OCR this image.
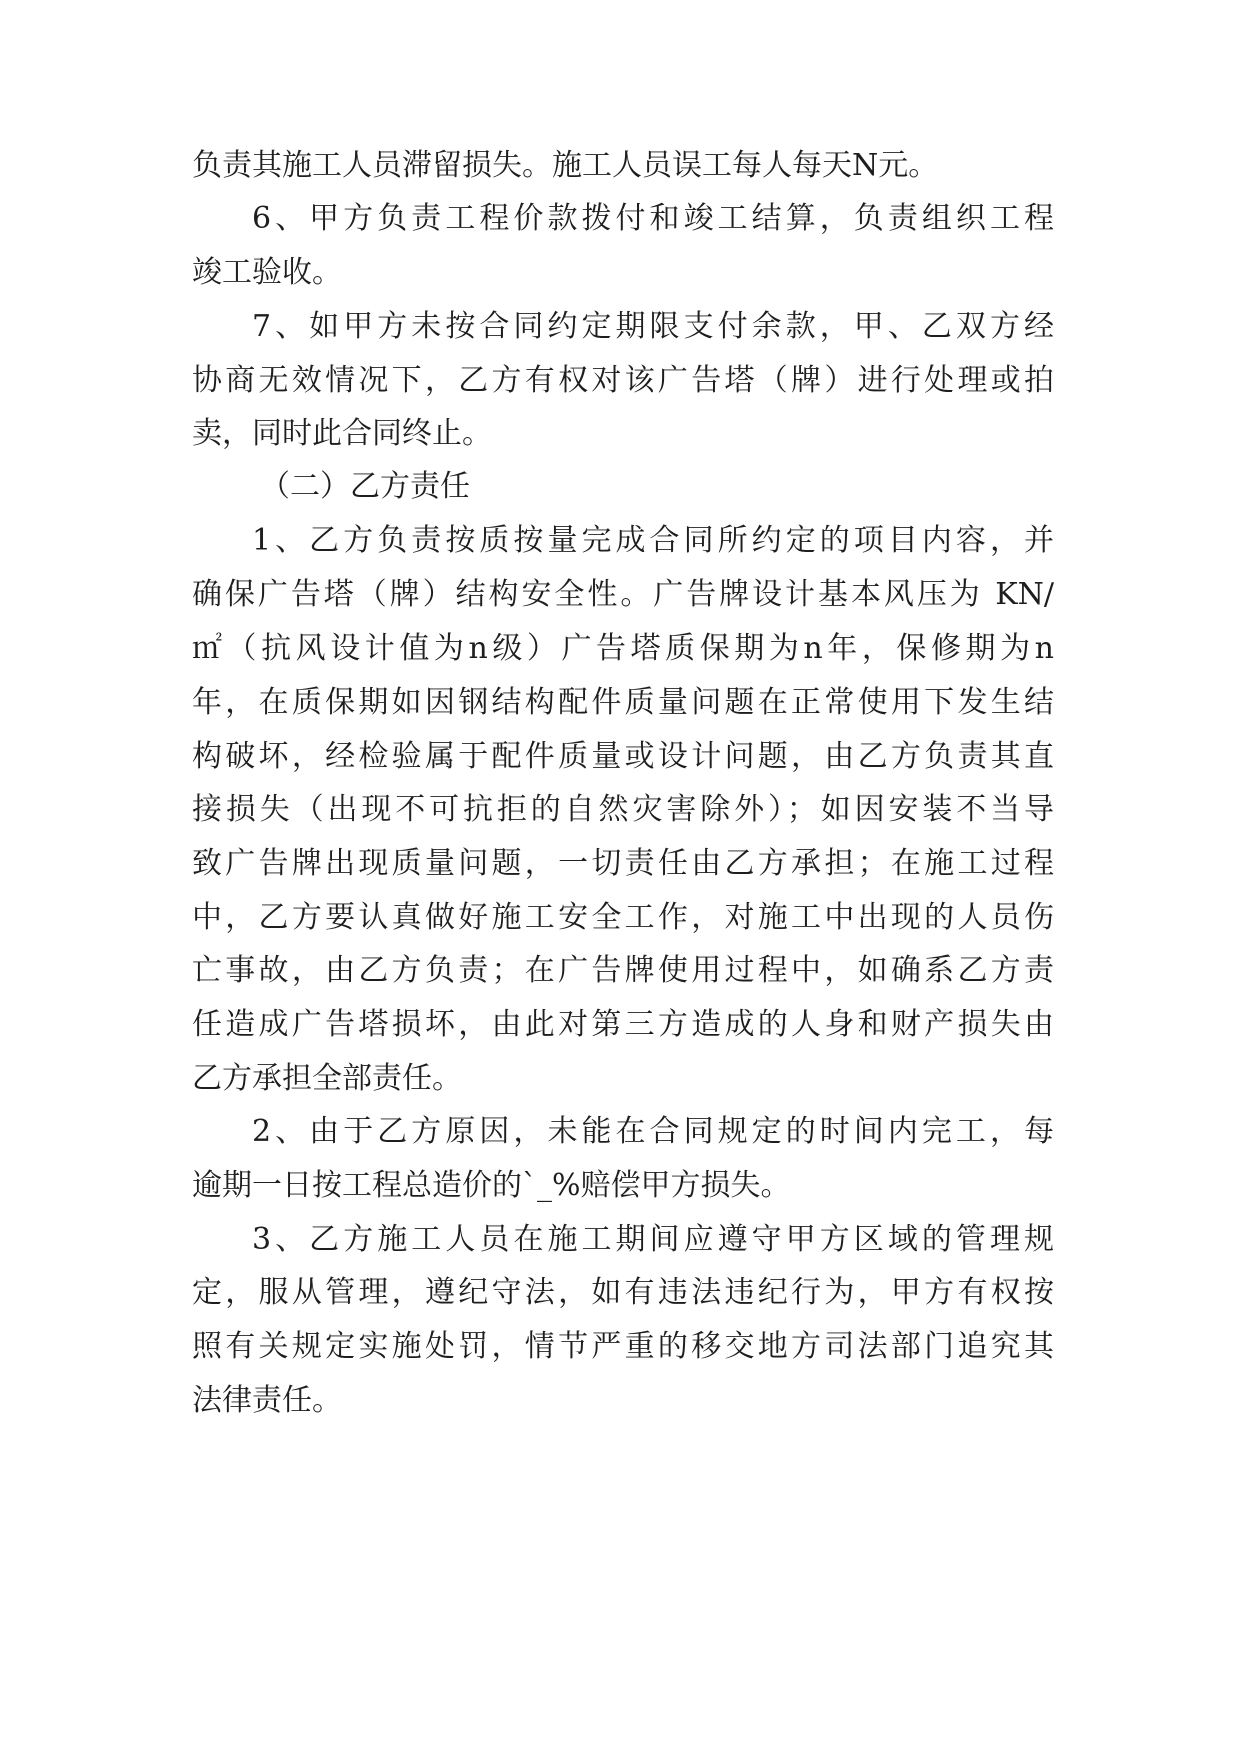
负责其施工人员滞留损失。施工人员误工每人每天N元。
6、甲方负责工程价款拨付和竣工结算，负责组织工程
竣工验收。
7、如甲方未按合同约定期限支付余款，甲、乙双方经
协商无效情况下，乙方有权对该广告塔（牌）进行处理或拍
卖，同时此合同终止。
（二）乙方责任
1、乙方负责按质按量完成合同所约定的项目内容，并
确保广告塔（牌）结构安全性。广告牌设计基本风压为 KN/
㎡（抗风设计值为n级）广告塔质保期为n年，保修期为n
年，在质保期如因钢结构配件质量问题在正常使用下发生结
构破坏，经检验属于配件质量或设计问题，由乙方负责其直
接损失（出现不可抗拒的自然灾害除外）；如因安装不当导
致广告牌出现质量问题，一切责任由乙方承担；在施工过程
中，乙方要认真做好施工安全工作，对施工中出现的人员伤
亡事故，由乙方负责；在广告牌使用过程中，如确系乙方责
任造成广告塔损坏，由此对第三方造成的人身和财产损失由
乙方承担全部责任。
2、由于乙方原因，未能在合同规定的时间内完工，每
逾期一日按工程总造价的`_%赔偿甲方损失。
3、乙方施工人员在施工期间应遵守甲方区域的管理规
定，服从管理，遵纪守法，如有违法违纪行为，甲方有权按
照有关规定实施处罚，情节严重的移交地方司法部门追究其
法律责任。
